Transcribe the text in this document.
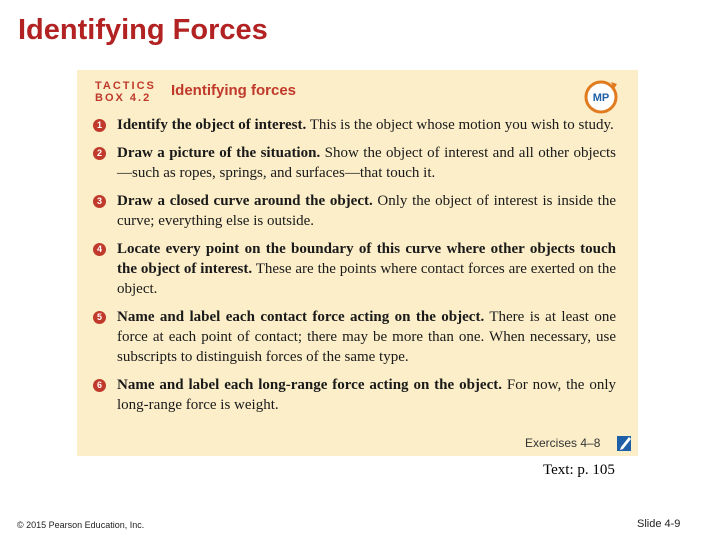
Identifying Forces
TACTICS
BOX 4.2	Identifying forces	MP
1 Identify the object of interest. This is the object whose motion you wish to study.
2 Draw a picture of the situation. Show the object of interest and all other objects—such as ropes, springs, and surfaces—that touch it.
3 Draw a closed curve around the object. Only the object of interest is inside the curve; everything else is outside.
4 Locate every point on the boundary of this curve where other objects touch the object of interest. These are the points where contact forces are exerted on the object.
5 Name and label each contact force acting on the object. There is at least one force at each point of contact; there may be more than one. When necessary, use subscripts to distinguish forces of the same type.
6 Name and label each long-range force acting on the object. For now, the only long-range force is weight.
Exercises 4–8
Text: p. 105
© 2015 Pearson Education, Inc.	Slide 4-9
